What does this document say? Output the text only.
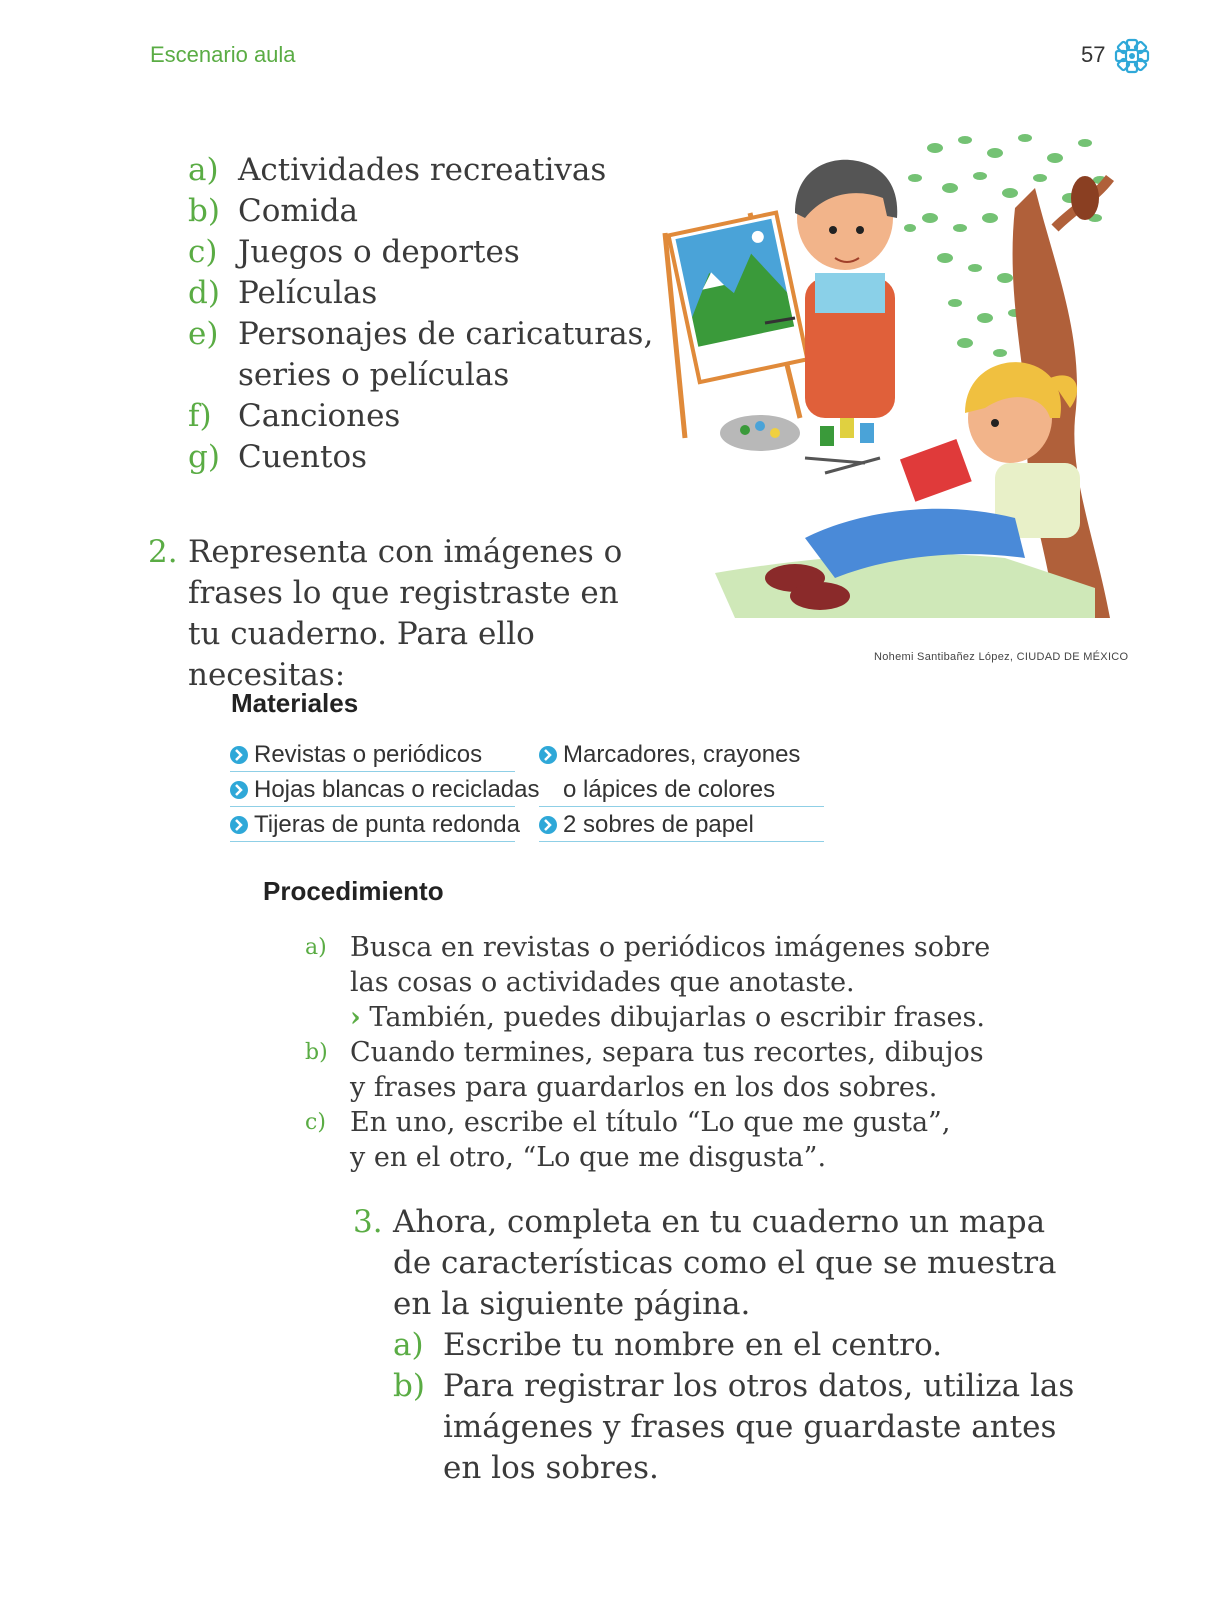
Escenario aula	57
a) Actividades recreativas
b) Comida
c) Juegos o deportes
d) Películas
e) Personajes de caricaturas,
series o películas
f) Canciones
g) Cuentos
2. Representa con imágenes o frases lo que registraste en tu cuaderno. Para ello necesitas:	Nohemi Santibañez López, CIUDAD DE MÉXICO
Materiales
Revistas o periódicos
Hojas blancas o recicladas
Tijeras de punta redonda
Marcadores, crayones
o lápices de colores
2 sobres de papel
Procedimiento
a) Busca en revistas o periódicos imágenes sobre
las cosas o actividades que anotaste.
› También, puedes dibujarlas o escribir frases.
b) Cuando termines, separa tus recortes, dibujos
y frases para guardarlos en los dos sobres.
c) En uno, escribe el título “Lo que me gusta”,
y en el otro, “Lo que me disgusta”.
3. Ahora, completa en tu cuaderno un mapa
de características como el que se muestra
en la siguiente página.
a) Escribe tu nombre en el centro.
b) Para registrar los otros datos, utiliza las
imágenes y frases que guardaste antes
en los sobres.
